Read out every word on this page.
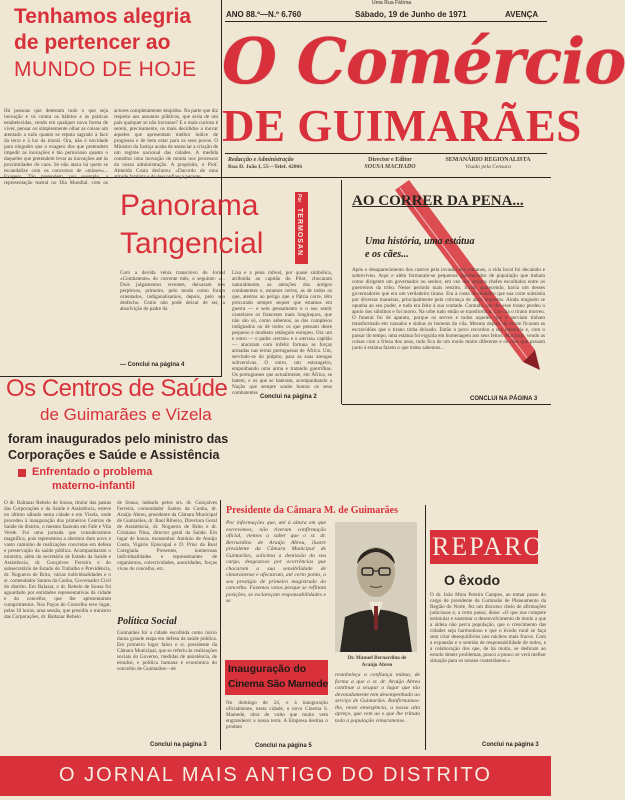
Uma Rua Fátima
ANO 88.º—N.º 6.760	Sábado, 19 de Junho de 1971	AVENÇA
O Comércio
DE GUIMARÃES
Redacção e Administração
Rua D. João I, 55—Telef. 42066
Director e Editor
SOUSA MACHADO
SEMANÁRIO REGIONALISTA
Visado pela Censura
Tenhamos alegria
de pertencer ao
MUNDO DE HOJE
Há pessoas que detestam tudo o que seja inovação e vá contra os hábitos e as práticas estabelecidas, vendo em qualquer nova forma de viver, pensar ou simplesmente olhar as coisas um atentado a tudo quanto se reputa sagrado à face da terra e à luz da moral. Ora, não é novidade para ninguém que o exagero dos que pretendem impedir as inovações é tão pernicioso quanto o daqueles que pretendem levar as inovações até às proximidades do caos. Se não ataca há quem se escandalize com os concursos de «misses»... Exagero. Tão pretendem, por exemplo, a representação teatral no Dia Mundial, com os actores completamente despidos. Na parte que diz respeito aos assuntos públicos, que seria de um país qualquer se não inovasse? E o mais curioso é serem, precisamente, os mais decididos a inovar aqueles que apresentam melhor índice de progresso e de bem estar para os seus povos. O Ministro da Justiça acaba de anunciar a criação de um regime nacional das cidades. A medida constitui uma inovação de monta nos processos da nossa administração. A propósito, o Prof. Almeida Costa declarou: «Dacordo de uma atitude fatalista e de desconfiança perante
— Conclui na página 4
Panorama
Tangencial
Por
TERMOSAN
Com a devida vénia transcrevo do Jornal «Combatente» do corrente mês, o seguinte: «... Dois julgamentos recentes, deixaram nos perplexos, primeiro, pelo modo como foram orientados, indiganalisamos, depois, pelo seu desfecho. Como não pode deixar de ser, a absolvição de padre da
Lisa e a pena ridível, por quase simbólica, atribuída ao capitão do Pilot, chocaram naturalmente, as atenções dos antigos combatentes e, estamos certos, as de todos os que, atentos ao perigo que a Pátria corre, têm procurado sempre sequer que estamos em guerra — e sem pensamento e o seu sentir cautelares os franceses mais longínquos, que não são só, como sabemos, as dos compleios indignados ou de todos os que pensam deste pequeno e modesto retângulo europeu. Ora um e outro — o padre «terras» e o «terras» capitão — atacaram com infeliz fortuna as forças armadas nas terras portuguesas de África. Um, servindo-se do púlpito, para as suas arengas subversivas. O outro, um estrangeiro, empunhando uma arma e tratando guerrilhas. Os portugueses que actualmente, em África, se batem, e os que se bateram, acompanhando a Nação que sempre soube honrar os seus combatentes
Conclui na página 2
AO CORRER DA PENA...
Uma história, uma estátua
e os cães...
Após o desaparecimento dos castros pela invasão dos romanos, a vida local foi decaindo e sobreviveu. Aqui e além formaram-se pequenos aglomerados de população que tinham como dirigente um governador ou senhor, em vez dos antigos chefes escolhidos entre os guerreiros da tribo. Nesse período mais restrito, foram aparecendo, havia um desses governadores que era um verdadeiro tirano. Era à custa do dinheiro que sua corte subsistia por diversas maneiras, principalmente pela cobrança de altos impostos. Ainda ninguém se opunha ao seu poder, e tudo era feito à sua vontade. Contudo, um dia esse tirano perdeu o apoio dos súbditos e foi morto. Na urbe tudo então se transformou. Um dia o tirano morreu. O funeral foi de aparato, porque os servos e todos aqueles que o serviam tinham transformado em vassalos e sinhas os homens da vila. Mesmo depois da morte ficaram as escravidões que o tirano tinha deixado. Então o povo recordou a sua memória e, com o passar do tempo, uma estátua foi erguida em homenagem aos seus feitos. Mas hoje, vendo as coisas com a frieza dos anos, tudo fica de um modo muito diferente e os cães que passam junto à estátua fazem o que todos sabemos...
CONCLUI NA PÁGINA 3
Os Centros de Saúde
de Guimarães e Vizela
foram inaugurados pelo ministro das
Corporações e Saúde e Assistência
Enfrentado o problema
materno-infantil
O dr. Baltazar Rebelo de Sousa, titular das pastas das Corporações e da Saúde e Assistência, esteve no último sábado nesta cidade e em Vizela, onde procedeu à inauguração dos primeiros Centros de Saúde do distrito, o mesmo fazendo em Fafe e Vila Verde. Foi uma jornada que considerarmos magnífica, pois representou a abertura dum novo e vasto caminho de realizações concretas em defesa e preservação da saúde pública. Acompanharam o ministro, além do secretário de Estado da Saúde e Assistência, dr. Gonçalves Ferreira e do subsecretário de Estado do Trabalho e Previdência, dr. Nogueira de Brito, várias individualidades e o sr. comendador Santos da Cunha, Governador Civil do distrito. Em Balazar, o dr. Rebelo de Sousa foi aguardado por entidades representativas da cidade e do concelho, que lhe apresentaram cumprimentos. Nos Paços do Concelho teve lugar, pelas 10 horas, uma sessão, que presidiu o ministro das Corporações, dr. Baltazar Rebelo
de Sousa, ladeado pelos srs. dr. Gonçalves Ferreira, comendador Santos da Cunha, dr. Araújo Abreu, presidente da Câmara Municipal de Guimarães, dr. Raul Ribeiro, Directora Geral de Assistência, dr. Nogueira de Brito e dr. Cristiano Nina, director geral da Saúde. Em lugar de honra, monsenhor António de Araújo Costa, Vigário Episcopal e D. Prior da Real Colegiada. Presentes, numerosas individualidades e representantes de organismos, colectividades, autoridades, forças vivas do concelho, etc.
Política Social
Guimarães foi a cidade escolhida como início duma grande etapa em defesa da saúde pública. Em primeiro lugar falou o sr. presidente da Câmara Municipal, que se referiu às realizações sociais do Governo, medidas de assistência, de estudos, e política humana e económica do concelho de Guimarães—de
Conclui na página 3
Presidente da Câmara M. de Guimarães
Por informações que, até à altura em que escrevemos, não tiveram confirmação oficial, viemos a saber que o sr. dr. Bernardino de Araújo Abreu, ilustre presidente da Câmara Municipal de Guimarães, solicitou a demissão do seu cargo, desgostoso por ocorrências que chocaram a sua sensibilidade de vimaranense e afectaram, até certo ponto, o seu prestígio de primeiro magistrado do concelho. Fazemos votos porque se reflitam posições, se esclareçam responsabilidades e se
Dr. Manuel Bernardino de
Araújo Abreu
restabeleça a confiança mútua, de forma a que o sr. dr. Araújo Abreu continue a ocupar o lugar que tão devotadamente tem desempenhado ao serviço de Guimarães. Ranfirmamos-lhe, neste emergência, a nossa alta apreço, que vem ao e que lhe tributa toda a população vimaranense.
Inauguração do
Cinema São Mamede
No domingo de 24, e à inauguração oficialmente, nesta cidade, o novo Cinema S. Mamede, obra de vulto que muito vem engrandecer a nossa terra. A Empresa destina o produto
Conclui na página 5
REPARO
O êxodo
O dr. João Mota Pereira Campos, ao tomar posse do cargo de presidente da Comissão de Planeamento da Região do Norte, fez um discurso cheio de afirmações judiciosas e, a certo passo, disse: «O que nos compete estimular e sustentar o desenvolvimento de modo a que a aldeia não perca população, que o crescimento das cidades seja harmonioso e que o êxodo rural se faça sem criar desequilíbrios nos núcleos mais fracos. Com a expansão e o sentido de responsabilidade de todos, e a colaboração dos que, de há muito, se dedicam ao estudo destes problemas, pouco a pouco se verá melhor situação para os nossos conterrâneos.»
Conclui na página 3
O JORNAL MAIS ANTIGO DO DISTRITO
